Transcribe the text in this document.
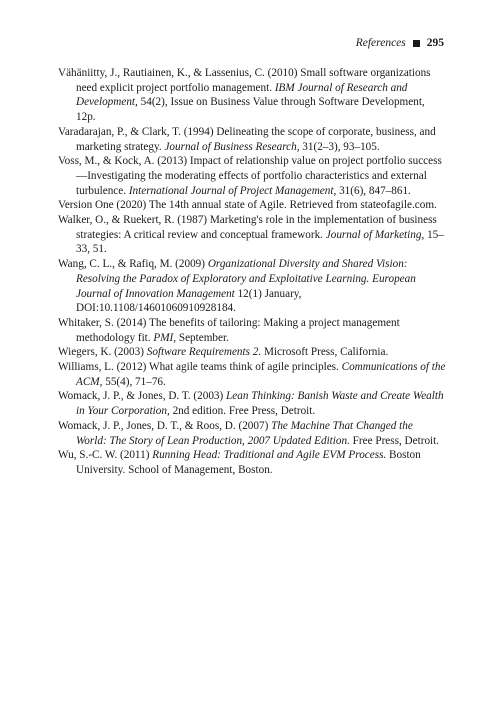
References 295

Vähäniitty, J., Rautiainen, K., & Lassenius, C. (2010) Small software organizations need explicit project portfolio management. IBM Journal of Research and Development, 54(2), Issue on Business Value through Software Development, 12p.

Varadarajan, P., & Clark, T. (1994) Delineating the scope of corporate, business, and marketing strategy. Journal of Business Research, 31(2–3), 93–105.

Voss, M., & Kock, A. (2013) Impact of relationship value on project portfolio success—Investigating the moderating effects of portfolio characteristics and external turbulence. International Journal of Project Management, 31(6), 847–861.

Version One (2020) The 14th annual state of Agile. Retrieved from stateofagile.com.

Walker, O., & Ruekert, R. (1987) Marketing's role in the implementation of business strategies: A critical review and conceptual framework. Journal of Marketing, 15–33, 51.

Wang, C. L., & Rafiq, M. (2009) Organizational Diversity and Shared Vision: Resolving the Paradox of Exploratory and Exploitative Learning. European Journal of Innovation Management 12(1) January, DOI:10.1108/14601060910928184.

Whitaker, S. (2014) The benefits of tailoring: Making a project management methodology fit. PMI, September.

Wiegers, K. (2003) Software Requirements 2. Microsoft Press, California.

Williams, L. (2012) What agile teams think of agile principles. Communications of the ACM, 55(4), 71–76.

Womack, J. P., & Jones, D. T. (2003) Lean Thinking: Banish Waste and Create Wealth in Your Corporation, 2nd edition. Free Press, Detroit.

Womack, J. P., Jones, D. T., & Roos, D. (2007) The Machine That Changed the World: The Story of Lean Production, 2007 Updated Edition. Free Press, Detroit.

Wu, S.-C. W. (2011) Running Head: Traditional and Agile EVM Process. Boston University. School of Management, Boston.
